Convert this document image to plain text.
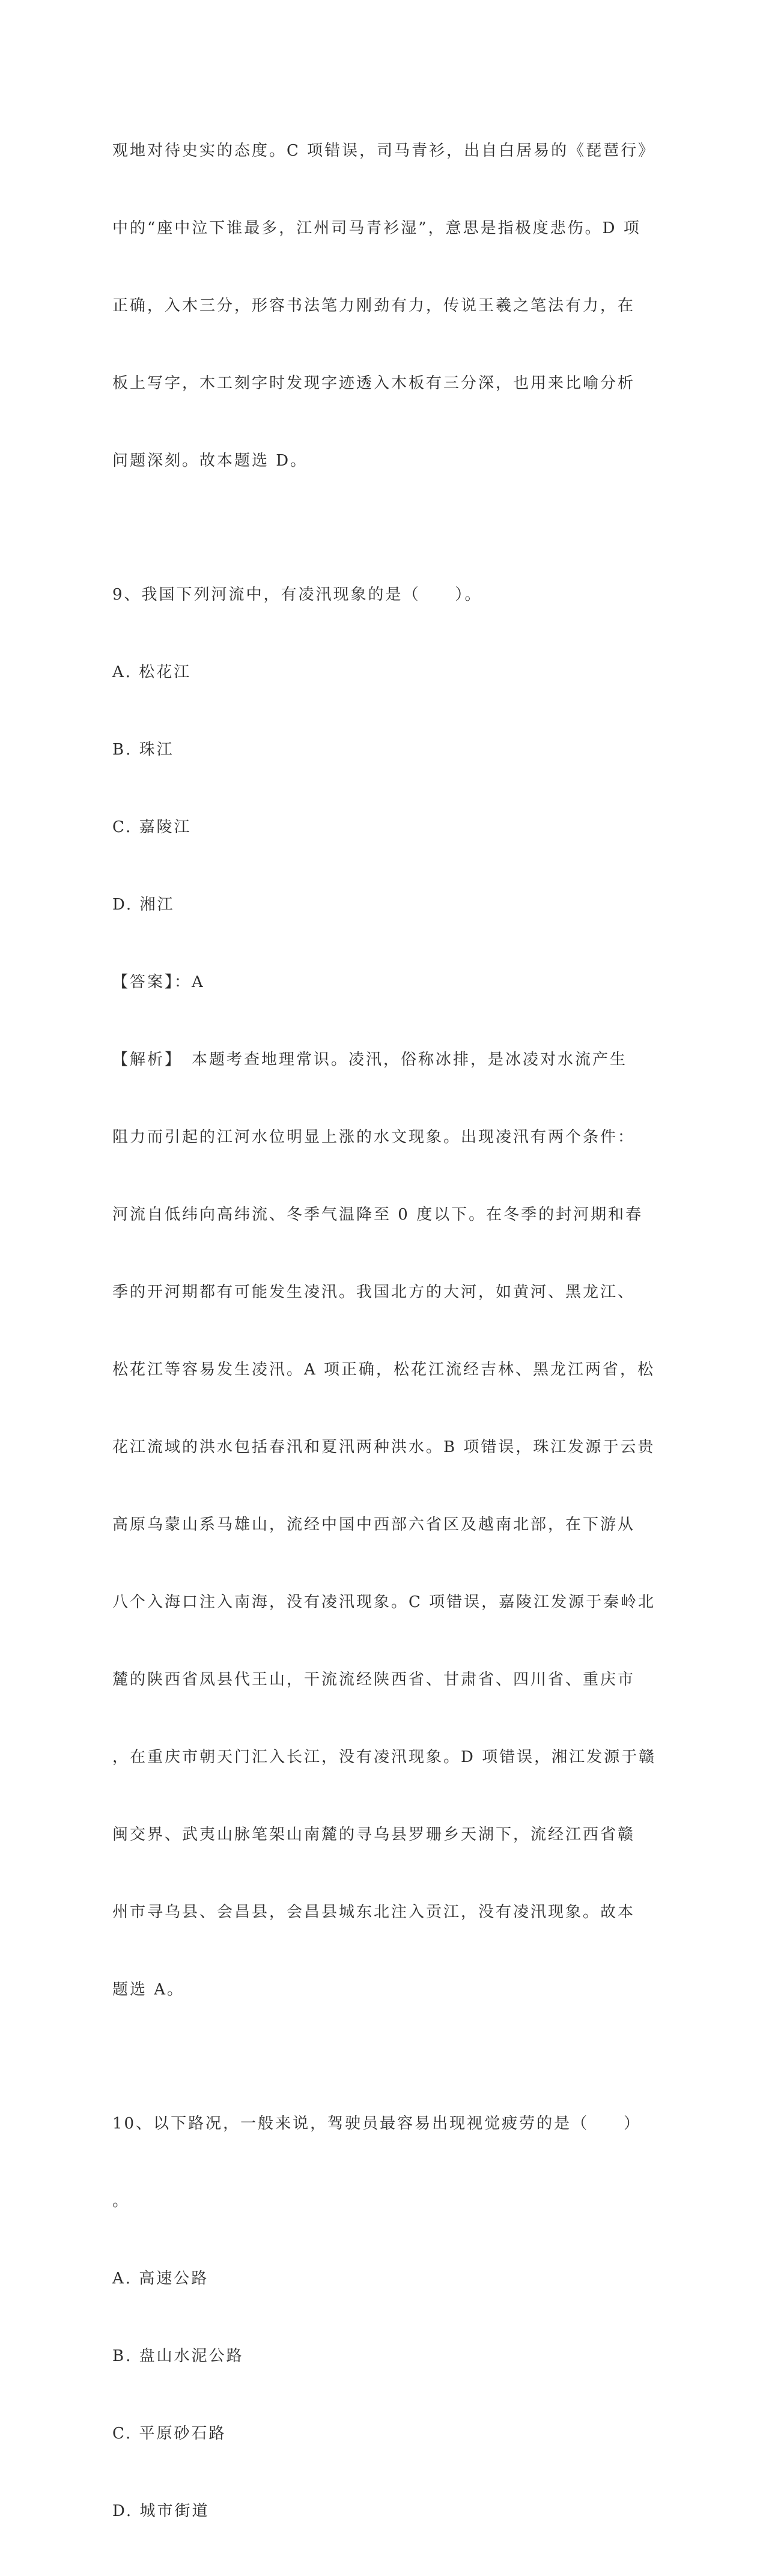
观地对待史实的态度。C 项错误，司马青衫，出自白居易的《琵琶行》

中的“座中泣下谁最多，江州司马青衫湿”，意思是指极度悲伤。D 项

正确，入木三分，形容书法笔力刚劲有力，传说王羲之笔法有力，在

板上写字，木工刻字时发现字迹透入木板有三分深，也用来比喻分析

问题深刻。故本题选 D。

9、我国下列河流中，有凌汛现象的是（　　）。

A. 松花江

B. 珠江

C. 嘉陵江

D. 湘江

【答案】：A

【解析】　本题考查地理常识。凌汛，俗称冰排，是冰凌对水流产生

阻力而引起的江河水位明显上涨的水文现象。出现凌汛有两个条件：

河流自低纬向高纬流、冬季气温降至 0 度以下。在冬季的封河期和春

季的开河期都有可能发生凌汛。我国北方的大河，如黄河、黑龙江、

松花江等容易发生凌汛。A 项正确，松花江流经吉林、黑龙江两省，松

花江流域的洪水包括春汛和夏汛两种洪水。B 项错误，珠江发源于云贵

高原乌蒙山系马雄山，流经中国中西部六省区及越南北部，在下游从

八个入海口注入南海，没有凌汛现象。C 项错误，嘉陵江发源于秦岭北

麓的陕西省凤县代王山，干流流经陕西省、甘肃省、四川省、重庆市

，在重庆市朝天门汇入长江，没有凌汛现象。D 项错误，湘江发源于赣

闽交界、武夷山脉笔架山南麓的寻乌县罗珊乡天湖下，流经江西省赣

州市寻乌县、会昌县，会昌县城东北注入贡江，没有凌汛现象。故本

题选 A。

10、以下路况，一般来说，驾驶员最容易出现视觉疲劳的是（　　）

。

A. 高速公路

B. 盘山水泥公路

C. 平原砂石路

D. 城市街道
